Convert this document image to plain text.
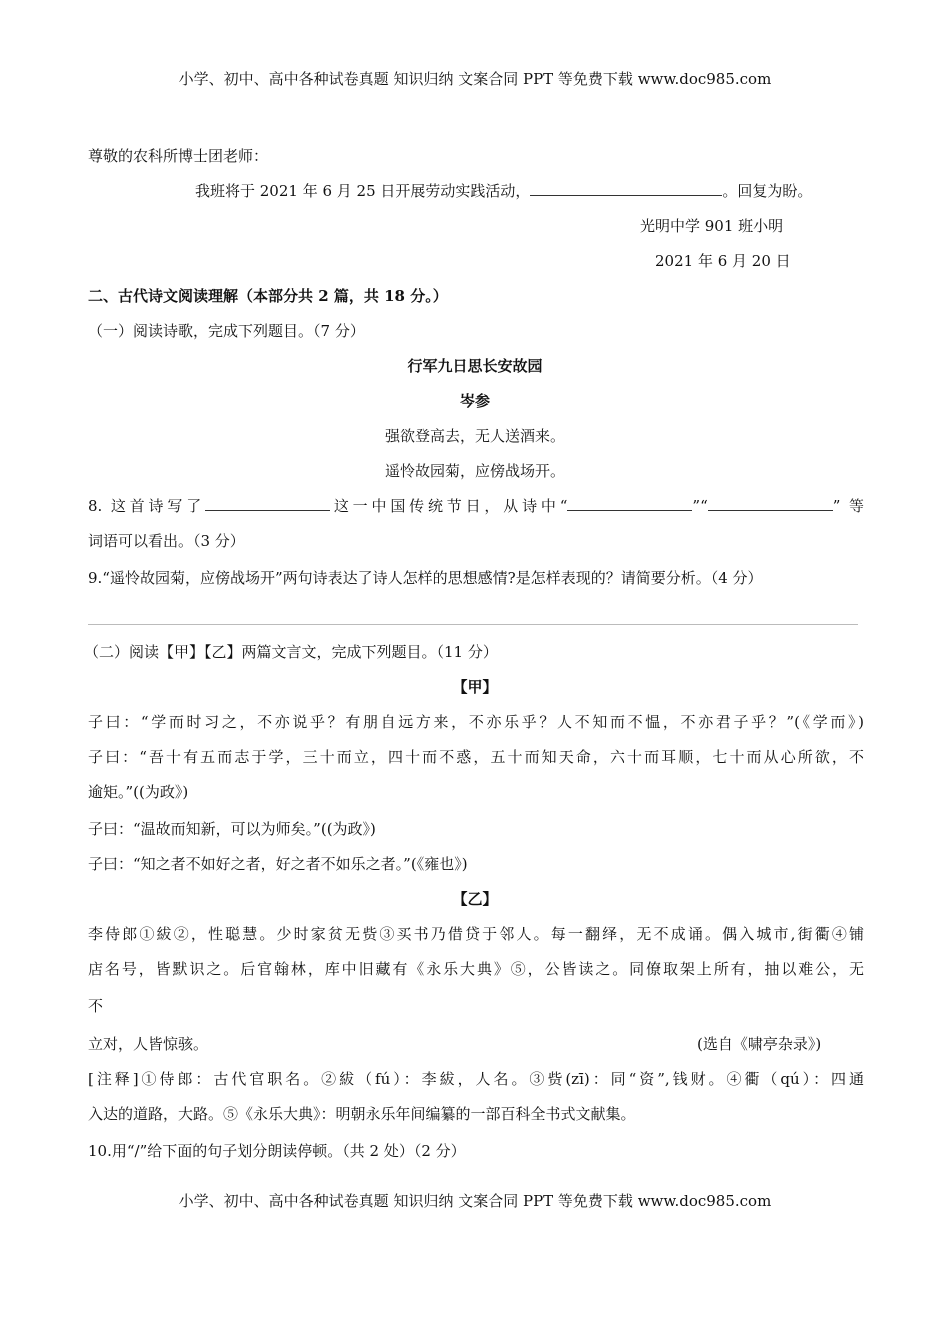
小学、初中、高中各种试卷真题 知识归纳 文案合同 PPT 等免费下载 www.doc985.com
尊敬的农科所博士团老师：
我班将于 2021 年 6 月 25 日开展劳动实践活动，	。回复为盼。
光明中学 901 班小明
2021 年 6 月 20 日
二、古代诗文阅读理解（本部分共 2 篇，共 18 分。）
（一）阅读诗歌，完成下列题目。（7 分）
行军九日思长安故园
岑参
强欲登高去，无人送酒来。
遥怜故园菊，应傍战场开。
8. 这首诗写了	这一中国传统节日，从诗中“	”“	” 等
词语可以看出。（3 分）
9.“遥怜故园菊，应傍战场开”两句诗表达了诗人怎样的思想感情?是怎样表现的？请简要分析。（4 分）
（二）阅读【甲】【乙】两篇文言文，完成下列题目。（11 分）
【甲】
子曰：“学而时习之，不亦说乎？有朋自远方来，不亦乐乎？人不知而不愠，不亦君子乎？”(《学而》)
子曰：“吾十有五而志于学，三十而立，四十而不惑，五十而知天命，六十而耳顺，七十而从心所欲，不
逾矩。”((为政》)
子曰：“温故而知新，可以为师矣。”((为政》)
子曰：“知之者不如好之者，好之者不如乐之者。”(《雍也》)
【乙】
李侍郎①紱②，性聪慧。少时家贫无赀③买书乃借贷于邻人。每一翻绎，无不成诵。偶入城市,街衢④铺
店名号，皆默识之。后官翰林，库中旧藏有《永乐大典》⑤，公皆读之。同僚取架上所有，抽以难公，无
不
立对，人皆惊骇。	(选自《啸亭杂录》)
[注释]①侍郎：古代官职名。②紱（fú）：李紱，人名。③赀(zī)：同“资”,钱财。④衢（qú）：四通
入达的道路，大路。⑤《永乐大典》：明朝永乐年间编纂的一部百科全书式文献集。
10.用“/”给下面的句子划分朗读停顿。（共 2 处）（2 分）
小学、初中、高中各种试卷真题 知识归纳 文案合同 PPT 等免费下载 www.doc985.com
